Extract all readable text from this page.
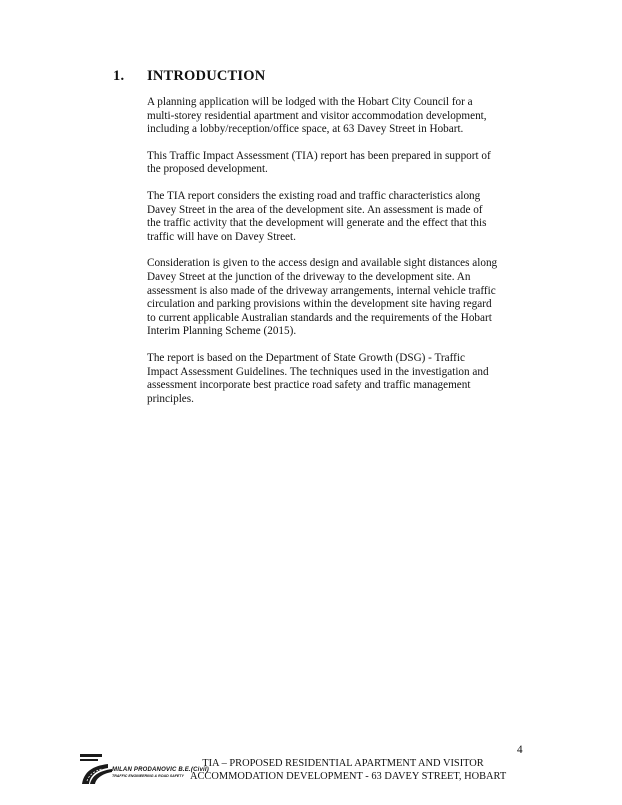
1. INTRODUCTION

A planning application will be lodged with the Hobart City Council for a
multi-storey residential apartment and visitor accommodation development,
including a lobby/reception/office space, at 63 Davey Street in Hobart.

This Traffic Impact Assessment (TIA) report has been prepared in support of
the proposed development.

The TIA report considers the existing road and traffic characteristics along
Davey Street in the area of the development site. An assessment is made of
the traffic activity that the development will generate and the effect that this
traffic will have on Davey Street.

Consideration is given to the access design and available sight distances along
Davey Street at the junction of the driveway to the development site. An
assessment is also made of the driveway arrangements, internal vehicle traffic
circulation and parking provisions within the development site having regard
to current applicable Australian standards and the requirements of the Hobart
Interim Planning Scheme (2015).

The report is based on the Department of State Growth (DSG) - Traffic
Impact Assessment Guidelines. The techniques used in the investigation and
assessment incorporate best practice road safety and traffic management
principles.

4
MILAN PRODANOVIC B.E.(Civil)
TRAFFIC ENGINEERING & ROAD SAFETY
TIA – PROPOSED RESIDENTIAL APARTMENT AND VISITOR
ACCOMMODATION DEVELOPMENT - 63 DAVEY STREET, HOBART
